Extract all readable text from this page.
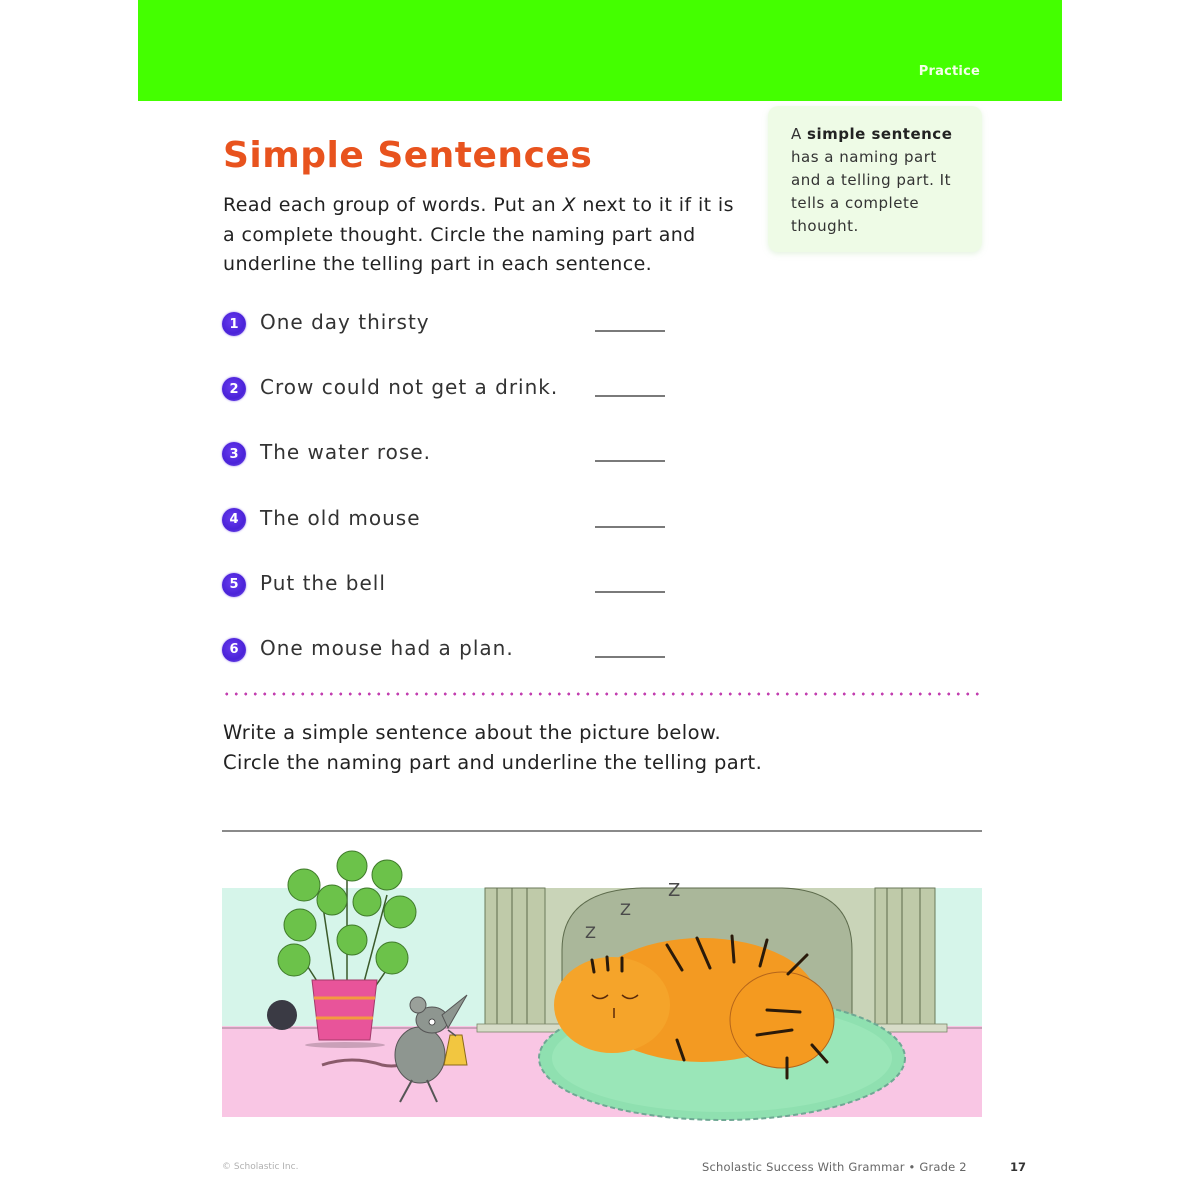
Practice
Simple Sentences

Read each group of words. Put an X next to it if it is a complete thought. Circle the naming part and underline the telling part in each sentence.

A simple sentence has a naming part and a telling part. It tells a complete thought.
1	One day thirsty
2	Crow could not get a drink.
3	The water rose.
4	The old mouse
5	Put the bell
6	One mouse had a plan.
Write a simple sentence about the picture below.
Circle the naming part and underline the telling part.
Z
Z
Z
© Scholastic Inc.	Scholastic Success With Grammar • Grade 2	17
